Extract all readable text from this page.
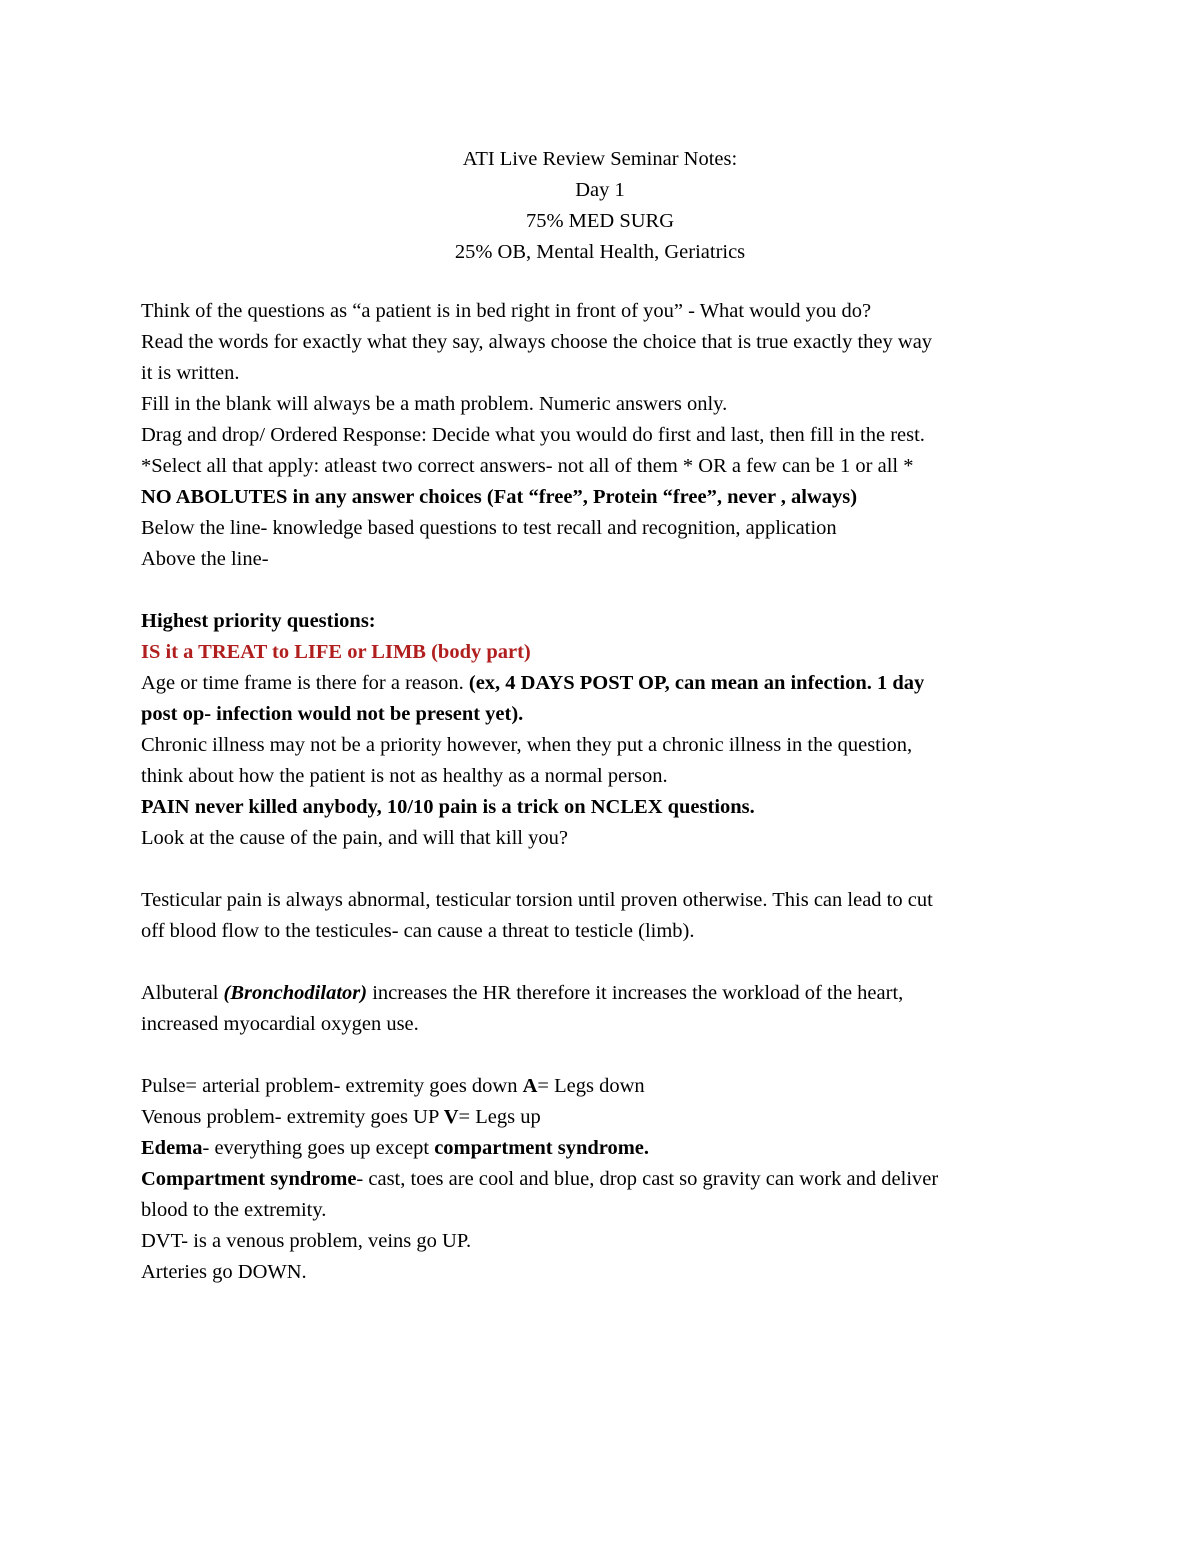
ATI Live Review Seminar Notes:
Day 1
75% MED SURG
25% OB, Mental Health, Geriatrics
Think of the questions as “a patient is in bed right in front of you” - What would you do?
Read the words for exactly what they say, always choose the choice that is true exactly they way
it is written.
Fill in the blank will always be a math problem. Numeric answers only.
Drag and drop/ Ordered Response: Decide what you would do first and last, then fill in the rest.
*Select all that apply: atleast two correct answers- not all of them * OR a few can be 1 or all *
NO ABOLUTES in any answer choices (Fat “free”, Protein “free”, never , always)
Below the line- knowledge based questions to test recall and recognition, application
Above the line-
Highest priority questions:
IS it a TREAT to LIFE or LIMB (body part)
Age or time frame is there for a reason. (ex, 4 DAYS POST OP, can mean an infection. 1 day
post op- infection would not be present yet).
Chronic illness may not be a priority however, when they put a chronic illness in the question,
think about how the patient is not as healthy as a normal person.
PAIN never killed anybody, 10/10 pain is a trick on NCLEX questions.
Look at the cause of the pain, and will that kill you?
Testicular pain is always abnormal, testicular torsion until proven otherwise. This can lead to cut
off blood flow to the testicules- can cause a threat to testicle (limb).
Albuteral (Bronchodilator) increases the HR therefore it increases the workload of the heart,
increased myocardial oxygen use.
Pulse= arterial problem- extremity goes down A= Legs down
Venous problem- extremity goes UP V= Legs up
Edema- everything goes up except compartment syndrome.
Compartment syndrome- cast, toes are cool and blue, drop cast so gravity can work and deliver
blood to the extremity.
DVT- is a venous problem, veins go UP.
Arteries go DOWN.
